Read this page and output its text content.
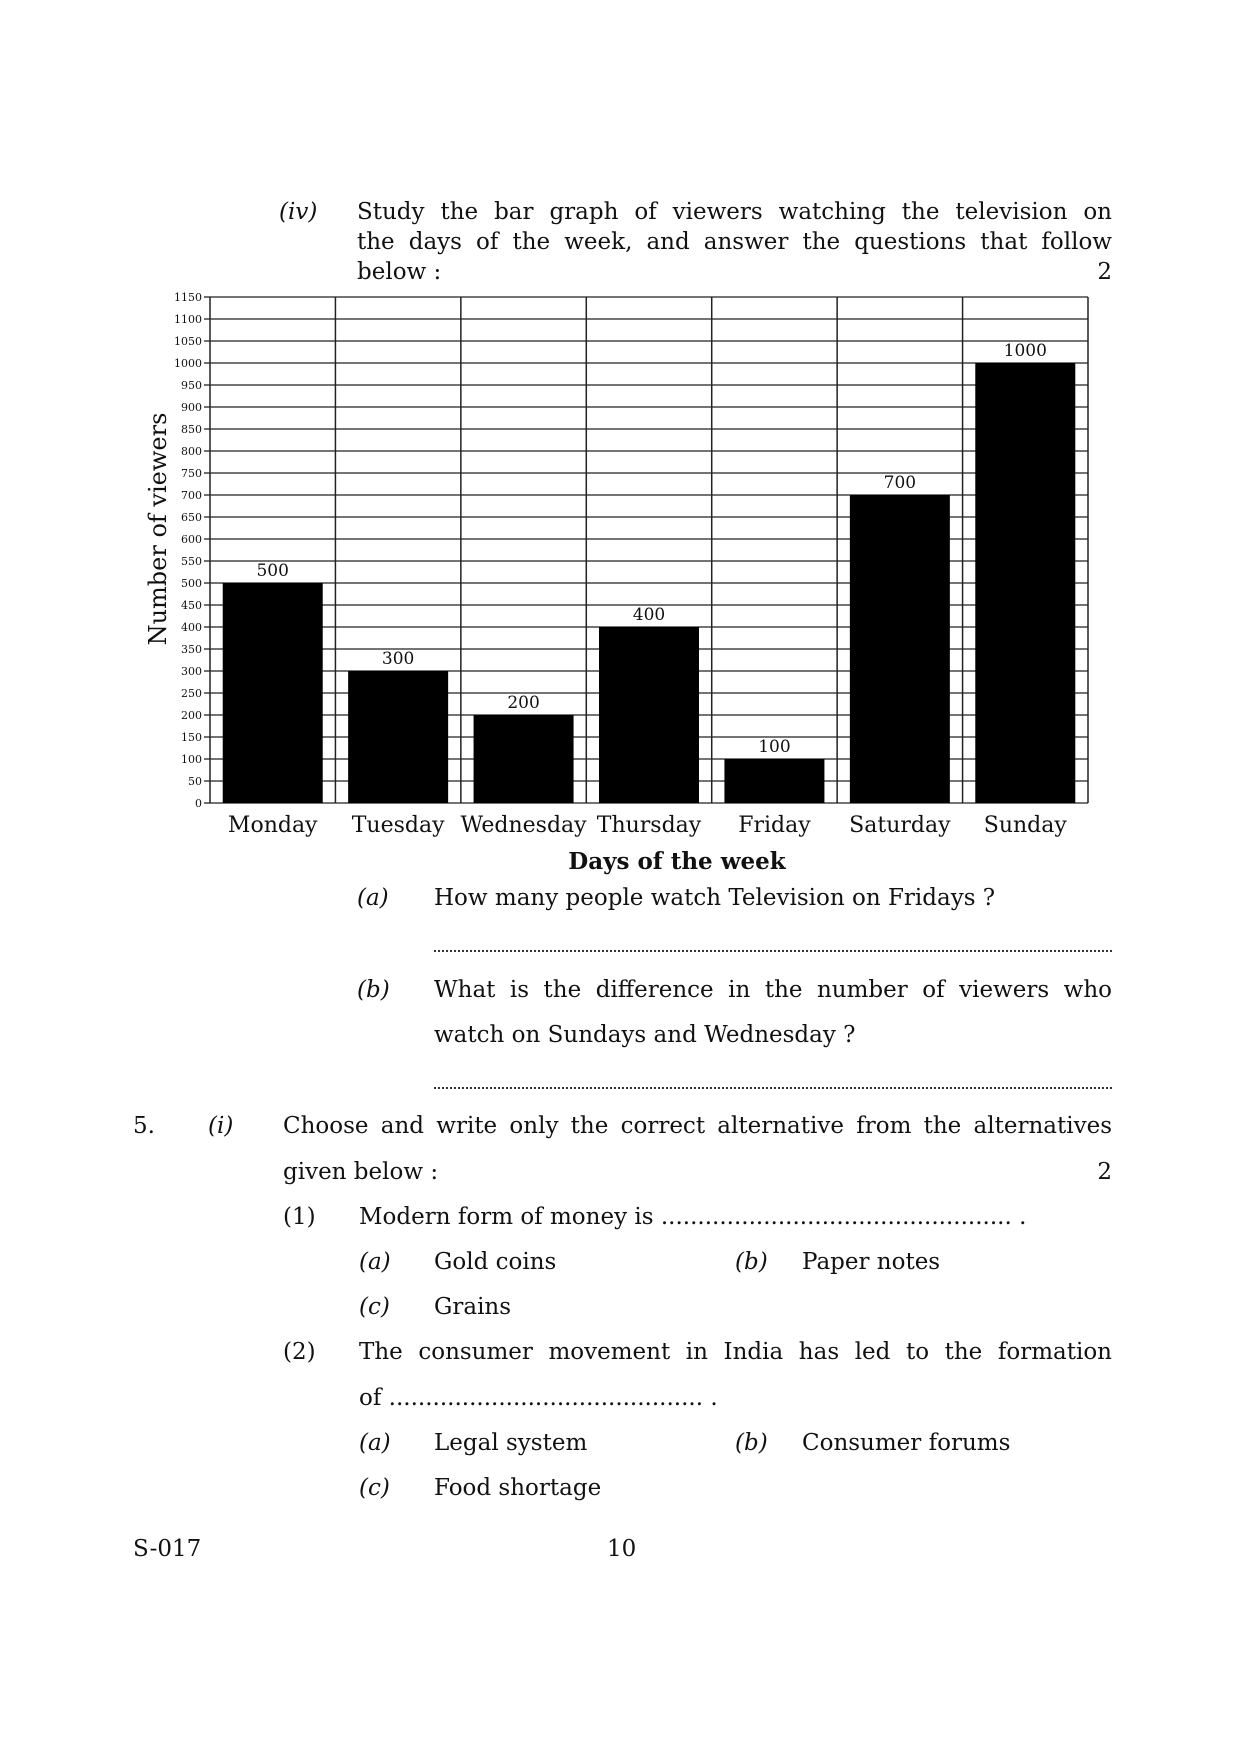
(iv) Study the bar graph of viewers watching the television on
the days of the week, and answer the questions that follow
below :	2
500
300
200
400
100
700
1000
0
50
100
150
200
250
300
350
400
450
500
550
600
650
700
750
800
850
900
950
1000
1050
1100
1150
Monday Tuesday Wednesday Thursday Friday Saturday Sunday
Number of viewers
Days of the week
(a) How many people watch Television on Fridays ?
(b) What is the difference in the number of viewers who
watch on Sundays and Wednesday ?
5. (i) Choose and write only the correct alternative from the alternatives
given below :	2
(1) Modern form of money is ................................................ .
(a) Gold coins	(b) Paper notes
(c) Grains
(2) The consumer movement in India has led to the formation
of ........................................... .
(a) Legal system	(b) Consumer forums
(c) Food shortage
S-017	10
